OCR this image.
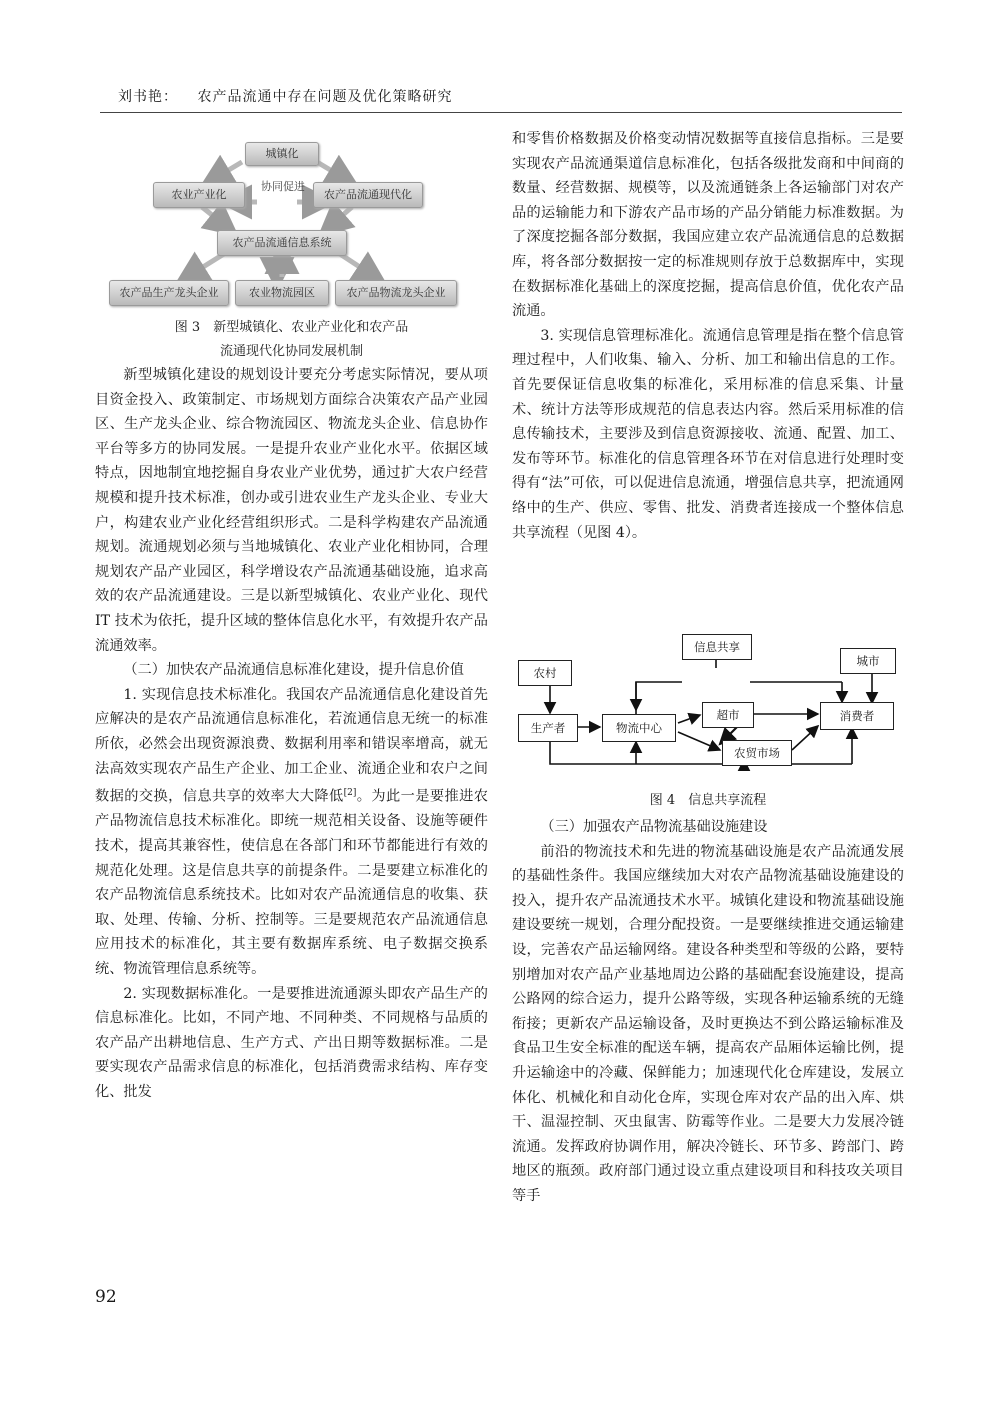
刘书艳： 农产品流通中存在问题及优化策略研究
城镇化
农业产业化
协同促进
农产品流通现代化
农产品流通信息系统
农产品生产龙头企业	农业物流园区	农产品物流龙头企业
图 3　新型城镇化、农业产业化和农产品
流通现代化协同发展机制

新型城镇化建设的规划设计要充分考虑实际情况，要从项目资金投入、政策制定、市场规划方面综合决策农产品产业园区、生产龙头企业、综合物流园区、物流龙头企业、信息协作平台等多方的协同发展。一是提升农业产业化水平。依据区域特点，因地制宜地挖掘自身农业产业优势，通过扩大农户经营规模和提升技术标准，创办或引进农业生产龙头企业、专业大户，构建农业产业化经营组织形式。二是科学构建农产品流通规划。流通规划必须与当地城镇化、农业产业化相协同，合理规划农产品产业园区，科学增设农产品流通基础设施，追求高效的农产品流通建设。三是以新型城镇化、农业产业化、现代IT 技术为依托，提升区域的整体信息化水平，有效提升农产品流通效率。

（二）加快农产品流通信息标准化建设，提升信息价值

1. 实现信息技术标准化。我国农产品流通信息化建设首先应解决的是农产品流通信息标准化，若流通信息无统一的标准所依，必然会出现资源浪费、数据利用率和错误率增高，就无法高效实现农产品生产企业、加工企业、流通企业和农户之间数据的交换，信息共享的效率大大降低[2]。为此一是要推进农产品物流信息技术标准化。即统一规范相关设备、设施等硬件技术，提高其兼容性，使信息在各部门和环节都能进行有效的规范化处理。这是信息共享的前提条件。二是要建立标准化的农产品物流信息系统技术。比如对农产品流通信息的收集、获取、处理、传输、分析、控制等。三是要规范农产品流通信息应用技术的标准化，其主要有数据库系统、电子数据交换系统、物流管理信息系统等。

2. 实现数据标准化。一是要推进流通源头即农产品生产的信息标准化。比如，不同产地、不同种类、不同规格与品质的农产品产出耕地信息、生产方式、产出日期等数据标准。二是要实现农产品需求信息的标准化，包括消费需求结构、库存变化、批发

和零售价格数据及价格变动情况数据等直接信息指标。三是要实现农产品流通渠道信息标准化，包括各级批发商和中间商的数量、经营数据、规模等，以及流通链条上各运输部门对农产品的运输能力和下游农产品市场的产品分销能力标准数据。为了深度挖掘各部分数据，我国应建立农产品流通信息的总数据库，将各部分数据按一定的标准规则存放于总数据库中，实现在数据标准化基础上的深度挖掘，提高信息价值，优化农产品流通。

3. 实现信息管理标准化。流通信息管理是指在整个信息管理过程中，人们收集、输入、分析、加工和输出信息的工作。首先要保证信息收集的标准化，采用标准的信息采集、计量术、统计方法等形成规范的信息表达内容。然后采用标准的信息传输技术，主要涉及到信息资源接收、流通、配置、加工、发布等环节。标准化的信息管理各环节在对信息进行处理时变得有“法”可依，可以促进信息流通，增强信息共享，把流通网络中的生产、供应、零售、批发、消费者连接成一个整体信息共享流程（见图 4）。

农村
信息共享
城市
生产者	物流中心
超市	消费者
农贸市场
图 4　信息共享流程

（三）加强农产品物流基础设施建设

前沿的物流技术和先进的物流基础设施是农产品流通发展的基础性条件。我国应继续加大对农产品物流基础设施建设的投入，提升农产品流通技术水平。城镇化建设和物流基础设施建设要统一规划，合理分配投资。一是要继续推进交通运输建设，完善农产品运输网络。建设各种类型和等级的公路，要特别增加对农产品产业基地周边公路的基础配套设施建设，提高公路网的综合运力，提升公路等级，实现各种运输系统的无缝衔接；更新农产品运输设备，及时更换达不到公路运输标准及食品卫生安全标准的配送车辆，提高农产品厢体运输比例，提升运输途中的冷藏、保鲜能力；加速现代化仓库建设，发展立体化、机械化和自动化仓库，实现仓库对农产品的出入库、烘干、温湿控制、灭虫鼠害、防霉等作业。二是要大力发展冷链流通。发挥政府协调作用，解决冷链长、环节多、跨部门、跨地区的瓶颈。政府部门通过设立重点建设项目和科技攻关项目等手

92
